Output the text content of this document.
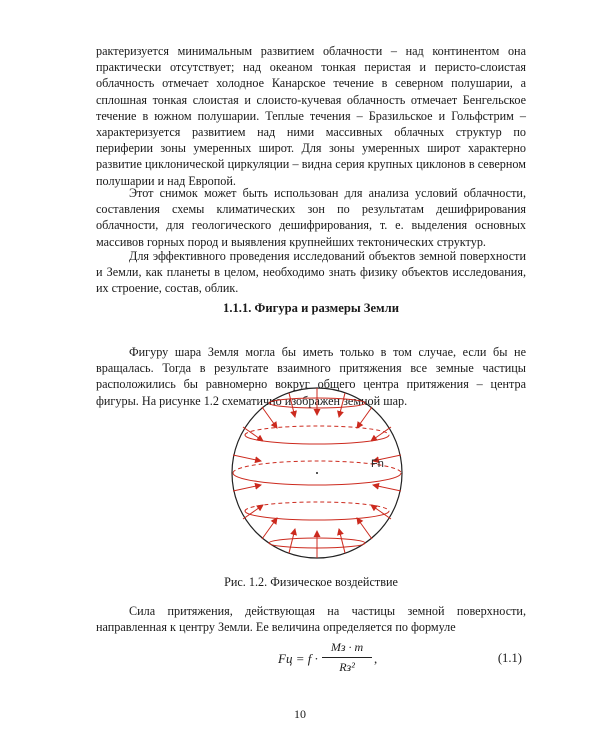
рактеризуется минимальным развитием облачности – над континентом она практически отсутствует; над океаном тонкая перистая и перисто-слоистая облачность отмечает холодное Канарское течение в северном полушарии, а сплошная тонкая слоистая и слоисто-кучевая облачность отмечает Бенгельское течение в южном полушарии. Теплые течения – Бразильское и Гольфстрим – характеризуется развитием над ними массивных облачных структур по периферии зоны умеренных широт. Для зоны умеренных широт характерно развитие циклонической циркуляции – видна серия крупных циклонов в северном полушарии и над Европой.
Этот снимок может быть использован для анализа условий облачности, составления схемы климатических зон по результатам дешифрирования облачности, для геологического дешифрирования, т. е. выделения основных массивов горных пород и выявления крупнейших тектонических структур.
Для эффективного проведения исследований объектов земной поверхности и Земли, как планеты в целом, необходимо знать физику объектов исследования, их строение, состав, облик.
1.1.1. Фигура и размеры Земли
Фигуру шара Земля могла бы иметь только в том случае, если бы не вращалась. Тогда в результате взаимного притяжения все земные частицы расположились бы равномерно вокруг общего центра притяжения – центра фигуры. На рисунке 1.2 схематично изображен земной шар.
Fn
Рис. 1.2. Физическое воздействие
Сила притяжения, действующая на частицы земной поверхности, направленная к центру Земли. Ее величина определяется по формуле
Fц = f ·
Mз · m
Rз²
,	(1.1)
10
